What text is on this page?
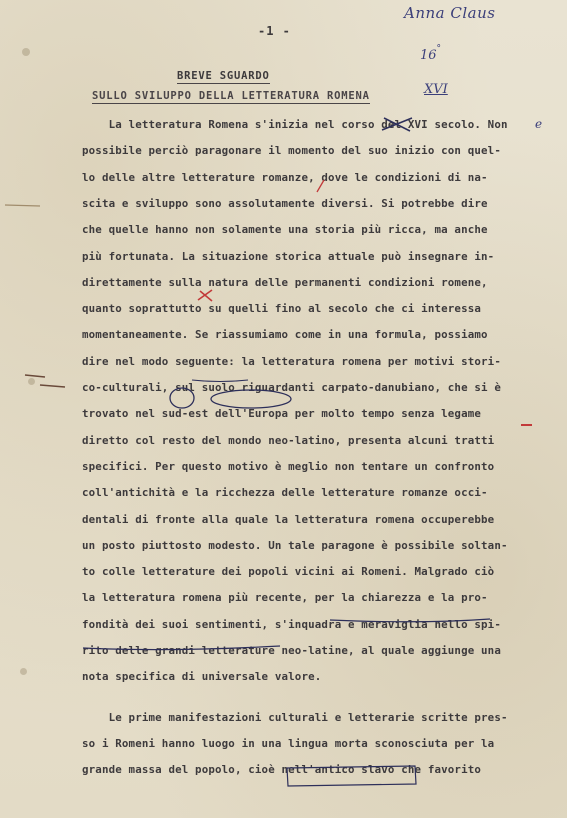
Anna Claus
-1 -
16°
XVI
e
BREVE SGUARDO
SULLO SVILUPPO DELLA LETTERATURA ROMENA
La letteratura Romena s'inizia nel corso del XVI secolo. Non
possibile perciò paragonare il momento del suo inizio con quel-
lo delle altre letterature romanze, dove le condizioni di na-
scita e sviluppo sono assolutamente diversi. Si potrebbe dire
che quelle hanno non solamente una storia più ricca, ma anche
più fortunata. La situazione storica attuale può insegnare in-
direttamente sulla natura delle permanenti condizioni romene,
quanto soprattutto su quelli fino al secolo che ci interessa
momentaneamente. Se riassumiamo come in una formula, possiamo
dire nel modo seguente: la letteratura romena per motivi stori-
co-culturali, sul suolo riguardanti carpato-danubiano, che si è
trovato nel sud-est dell'Europa per molto tempo senza legame
diretto col resto del mondo neo-latino, presenta alcuni tratti
specifici. Per questo motivo è meglio non tentare un confronto
coll'antichità e la ricchezza delle letterature romanze occi-
dentali di fronte alla quale la letteratura romena occuperebbe
un posto piuttosto modesto. Un tale paragone è possibile soltan-
to colle letterature dei popoli vicini ai Romeni. Malgrado ciò
la letteratura romena più recente, per la chiarezza e la pro-
fondità dei suoi sentimenti, s'inquadra e meraviglia nello spi-
rito delle grandi letterature neo-latine, al quale aggiunge una
nota specifica di universale valore.
Le prime manifestazioni culturali e letterarie scritte pres-
so i Romeni hanno luogo in una lingua morta sconosciuta per la
grande massa del popolo, cioè nell'antico slavo che favorito
